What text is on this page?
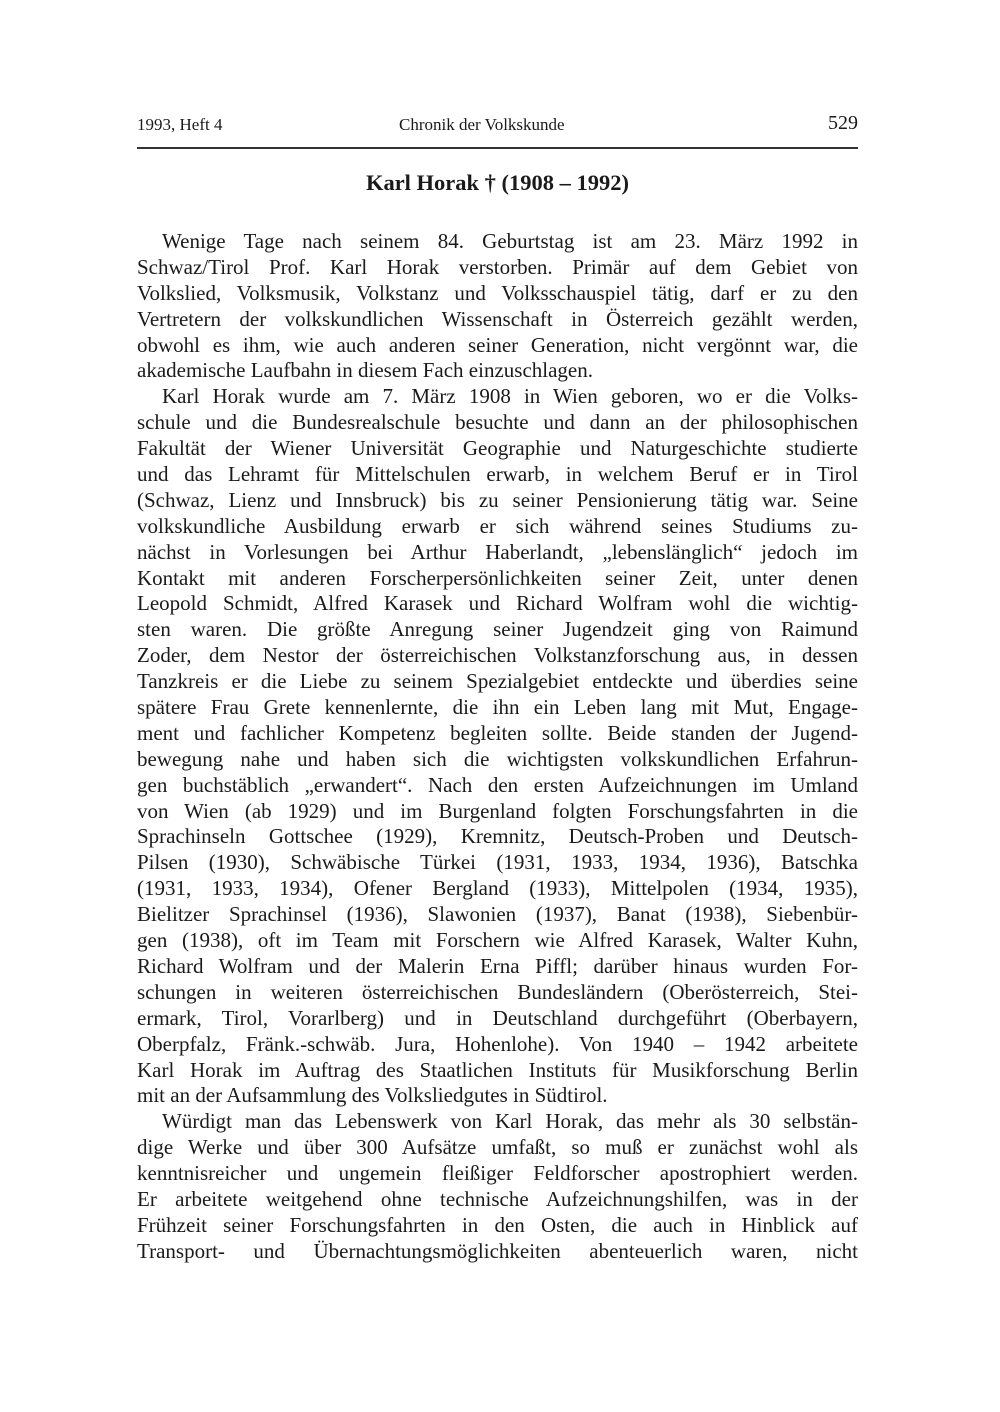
1993, Heft 4	Chronik der Volkskunde	529
Karl Horak † (1908 – 1992)
Wenige Tage nach seinem 84. Geburtstag ist am 23. März 1992 in
Schwaz/Tirol Prof. Karl Horak verstorben. Primär auf dem Gebiet von
Volkslied, Volksmusik, Volkstanz und Volksschauspiel tätig, darf er zu den
Vertretern der volkskundlichen Wissenschaft in Österreich gezählt werden,
obwohl es ihm, wie auch anderen seiner Generation, nicht vergönnt war, die
akademische Laufbahn in diesem Fach einzuschlagen.
Karl Horak wurde am 7. März 1908 in Wien geboren, wo er die Volks-
schule und die Bundesrealschule besuchte und dann an der philosophischen
Fakultät der Wiener Universität Geographie und Naturgeschichte studierte
und das Lehramt für Mittelschulen erwarb, in welchem Beruf er in Tirol
(Schwaz, Lienz und Innsbruck) bis zu seiner Pensionierung tätig war. Seine
volkskundliche Ausbildung erwarb er sich während seines Studiums zu-
nächst in Vorlesungen bei Arthur Haberlandt, „lebenslänglich“ jedoch im
Kontakt mit anderen Forscherpersönlichkeiten seiner Zeit, unter denen
Leopold Schmidt, Alfred Karasek und Richard Wolfram wohl die wichtig-
sten waren. Die größte Anregung seiner Jugendzeit ging von Raimund
Zoder, dem Nestor der österreichischen Volkstanzforschung aus, in dessen
Tanzkreis er die Liebe zu seinem Spezialgebiet entdeckte und überdies seine
spätere Frau Grete kennenlernte, die ihn ein Leben lang mit Mut, Engage-
ment und fachlicher Kompetenz begleiten sollte. Beide standen der Jugend-
bewegung nahe und haben sich die wichtigsten volkskundlichen Erfahrun-
gen buchstäblich „erwandert“. Nach den ersten Aufzeichnungen im Umland
von Wien (ab 1929) und im Burgenland folgten Forschungsfahrten in die
Sprachinseln Gottschee (1929), Kremnitz, Deutsch-Proben und Deutsch-
Pilsen (1930), Schwäbische Türkei (1931, 1933, 1934, 1936), Batschka
(1931, 1933, 1934), Ofener Bergland (1933), Mittelpolen (1934, 1935),
Bielitzer Sprachinsel (1936), Slawonien (1937), Banat (1938), Siebenbür-
gen (1938), oft im Team mit Forschern wie Alfred Karasek, Walter Kuhn,
Richard Wolfram und der Malerin Erna Piffl; darüber hinaus wurden For-
schungen in weiteren österreichischen Bundesländern (Oberösterreich, Stei-
ermark, Tirol, Vorarlberg) und in Deutschland durchgeführt (Oberbayern,
Oberpfalz, Fränk.-schwäb. Jura, Hohenlohe). Von 1940 – 1942 arbeitete
Karl Horak im Auftrag des Staatlichen Instituts für Musikforschung Berlin
mit an der Aufsammlung des Volksliedgutes in Südtirol.
Würdigt man das Lebenswerk von Karl Horak, das mehr als 30 selbstän-
dige Werke und über 300 Aufsätze umfaßt, so muß er zunächst wohl als
kenntnisreicher und ungemein fleißiger Feldforscher apostrophiert werden.
Er arbeitete weitgehend ohne technische Aufzeichnungshilfen, was in der
Frühzeit seiner Forschungsfahrten in den Osten, die auch in Hinblick auf
Transport- und Übernachtungsmöglichkeiten abenteuerlich waren, nicht
